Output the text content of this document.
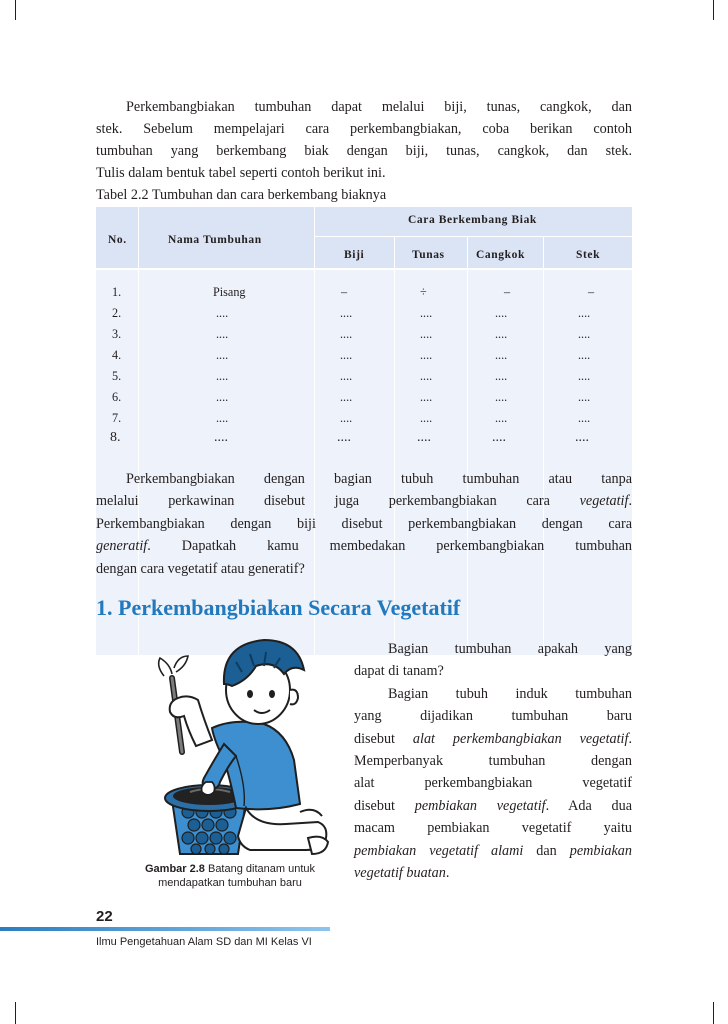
Perkembangbiakan tumbuhan dapat melalui biji, tunas, cangkok, dan
stek. Sebelum mempelajari cara perkembangbiakan, coba berikan contoh
tumbuhan yang berkembang biak dengan biji, tunas, cangkok, dan stek.
Tulis dalam bentuk tabel seperti contoh berikut ini.
Tabel 2.2 Tumbuhan dan cara berkembang biaknya
No.	Nama Tumbuhan
Cara Berkembang Biak
Biji	Tunas	Cangkok	Stek
1.	Pisang	–	÷	–	–
2.	....	....	....	....	....
3.	....	....	....	....	....
4.	....	....	....	....	....
5.	....	....	....	....	....
6.	....	....	....	....	....
7.	....	....	....	....	....
8.	....	....	....	....	....
Perkembangbiakan dengan bagian tubuh tumbuhan atau tanpa
melalui perkawinan disebut juga perkembangbiakan cara vegetatif.
Perkembangbiakan dengan biji disebut perkembangbiakan dengan cara
generatif. Dapatkah kamu membedakan perkembangbiakan tumbuhan
dengan cara vegetatif atau generatif?
1. Perkembangbiakan Secara Vegetatif
Bagian tumbuhan apakah yang
dapat di tanam?
Bagian tubuh induk tumbuhan
yang dijadikan tumbuhan baru
disebut alat perkembangbiakan vegetatif.
Memperbanyak tumbuhan dengan
alat perkembangbiakan vegetatif
disebut pembiakan vegetatif. Ada dua
macam pembiakan vegetatif yaitu
pembiakan vegetatif alami dan pembiakan
vegetatif buatan.
Gambar 2.8 Batang ditanam untuk
mendapatkan tumbuhan baru
22
Ilmu Pengetahuan Alam SD dan MI Kelas VI
